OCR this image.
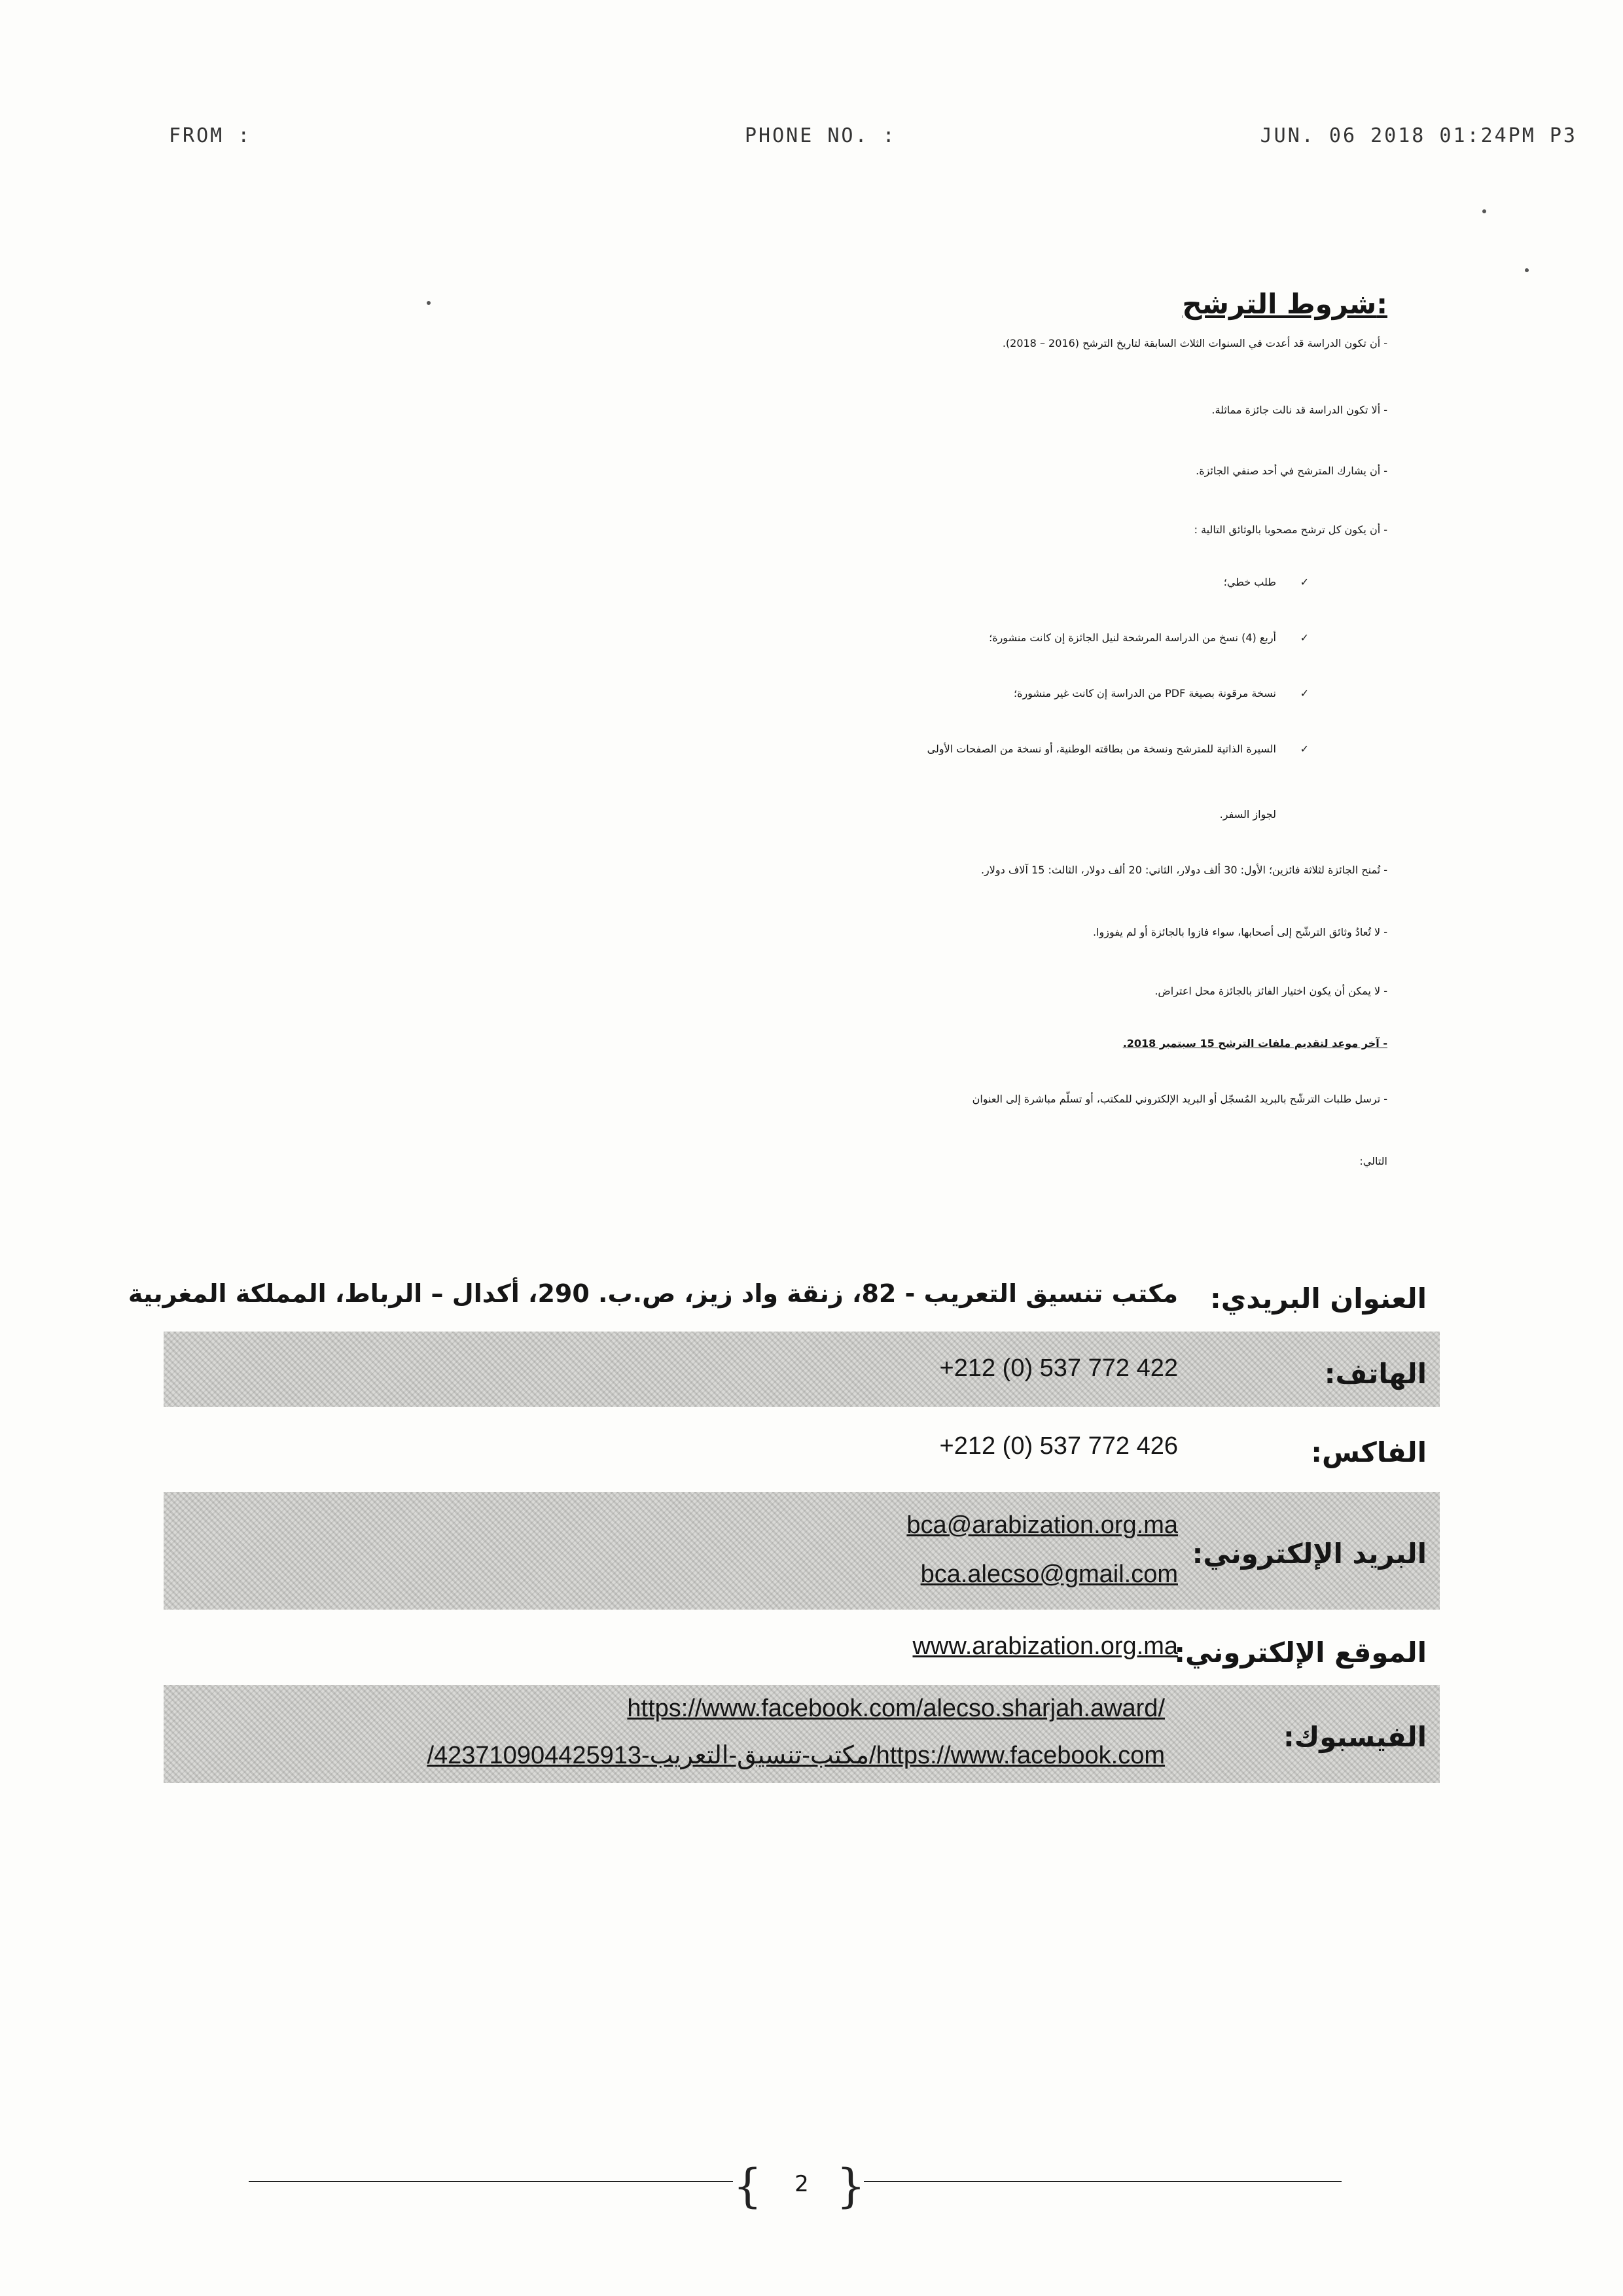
FROM :	PHONE NO. :	JUN. 06 2018 01:24PM P3
شروط الترشح:
- أن تكون الدراسة قد أعدت في السنوات الثلاث السابقة لتاريخ الترشح (2016 – 2018).
- ألا تكون الدراسة قد نالت جائزة مماثلة.
- أن يشارك المترشح في أحد صنفي الجائزة.
- أن يكون كل ترشح مصحوبا بالوثائق التالية :
✓طلب خطي؛
✓أربع (4) نسخ من الدراسة المرشحة لنيل الجائزة إن كانت منشورة؛
✓نسخة مرقونة بصيغة PDF من الدراسة إن كانت غير منشورة؛
✓السيرة الذاتية للمترشح ونسخة من بطاقته الوطنية، أو نسخة من الصفحات الأولى
لجواز السفر.
- تُمنح الجائزة لثلاثة فائزين؛ الأول: 30 ألف دولار، الثاني: 20 ألف دولار، الثالث: 15 آلاف دولار.
- لا تُعادُ وثائق الترشّح إلى أصحابها، سواء فازوا بالجائزة أو لم يفوزوا.
- لا يمكن أن يكون اختيار الفائز بالجائزة محل اعتراض.
- آخر موعد لتقديم ملفات الترشح 15 سبتمبر 2018.
- ترسل طلبات الترشّح بالبريد المُسجّل أو البريد الإلكتروني للمكتب، أو تسلّم مباشرة إلى العنوان
التالي:
العنوان البريدي:
مكتب تنسيق التعريب - 82، زنقة واد زيز، ص.ب. 290، أكدال – الرباط، المملكة المغربية
الهاتف:
+212 (0) 537 772 422
الفاكس:
+212 (0) 537 772 426
البريد الإلكتروني:
bca@arabization.org.ma
bca.alecso@gmail.com
الموقع الإلكتروني:
www.arabization.org.ma
الفيسبوك:
https://www.facebook.com/alecso.sharjah.award/
https://www.facebook.com/مكتب-تنسيق-التعريب-423710904425913/
{ }
2
